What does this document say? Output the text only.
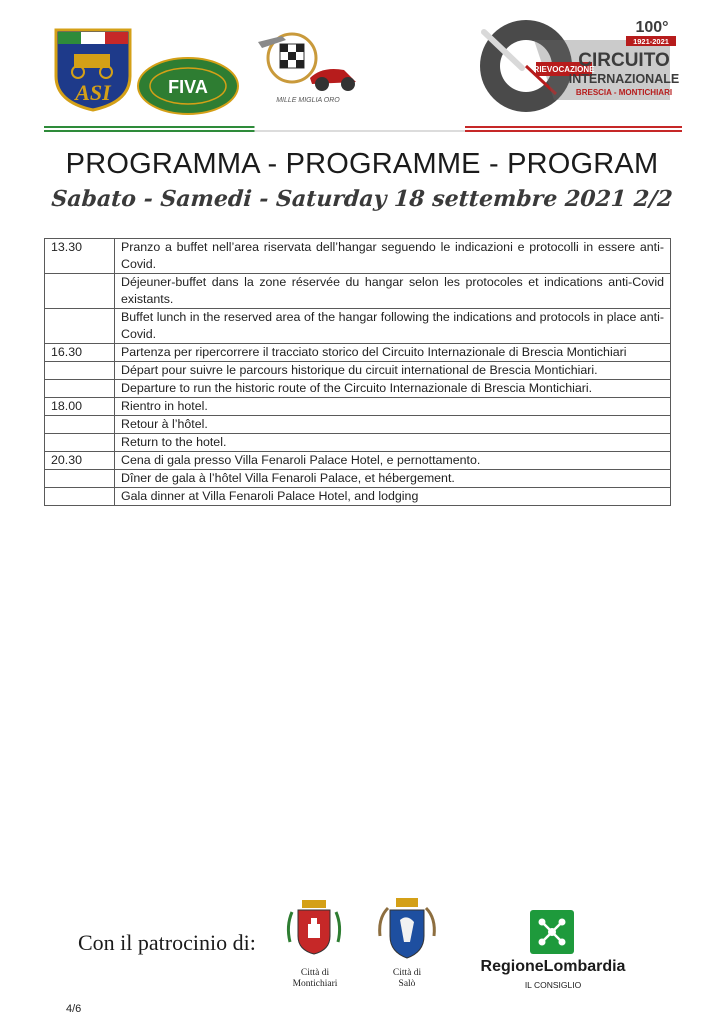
ASI	FIVA
MILLE MIGLIA ORO
RIEVOCAZIONE
100°
1921-2021
CIRCUITO
INTERNAZIONALE
BRESCIA - MONTICHIARI
PROGRAMMA - PROGRAMME - PROGRAM
Sabato - Samedi - Saturday 18 settembre 2021 2/2
13.30	Pranzo a buffet nell’area riservata dell’hangar seguendo le indicazioni e protocolli in essere anti-Covid.
	Déjeuner-buffet dans la zone réservée du hangar selon les protocoles et indications anti-Covid existants.
	Buffet lunch in the reserved area of the hangar following the indications and protocols in place anti-Covid.
16.30	Partenza per ripercorrere il tracciato storico del Circuito Internazionale di Brescia Montichiari
	Départ pour suivre le parcours historique du circuit international de Brescia Montichiari.
	Departure to run the historic route of the Circuito Internazionale di Brescia Montichiari.
18.00	Rientro in hotel.
	Retour à l’hôtel.
	Return to the hotel.
20.30	Cena di gala presso Villa Fenaroli Palace Hotel, e pernottamento.
	Dîner de gala à l’hôtel Villa Fenaroli Palace, et hébergement.
	Gala dinner at Villa Fenaroli Palace Hotel, and lodging
Con il patrocinio di:
Città di
Montichiari
Città di
Salò
RegioneLombardia
IL CONSIGLIO
4/6
